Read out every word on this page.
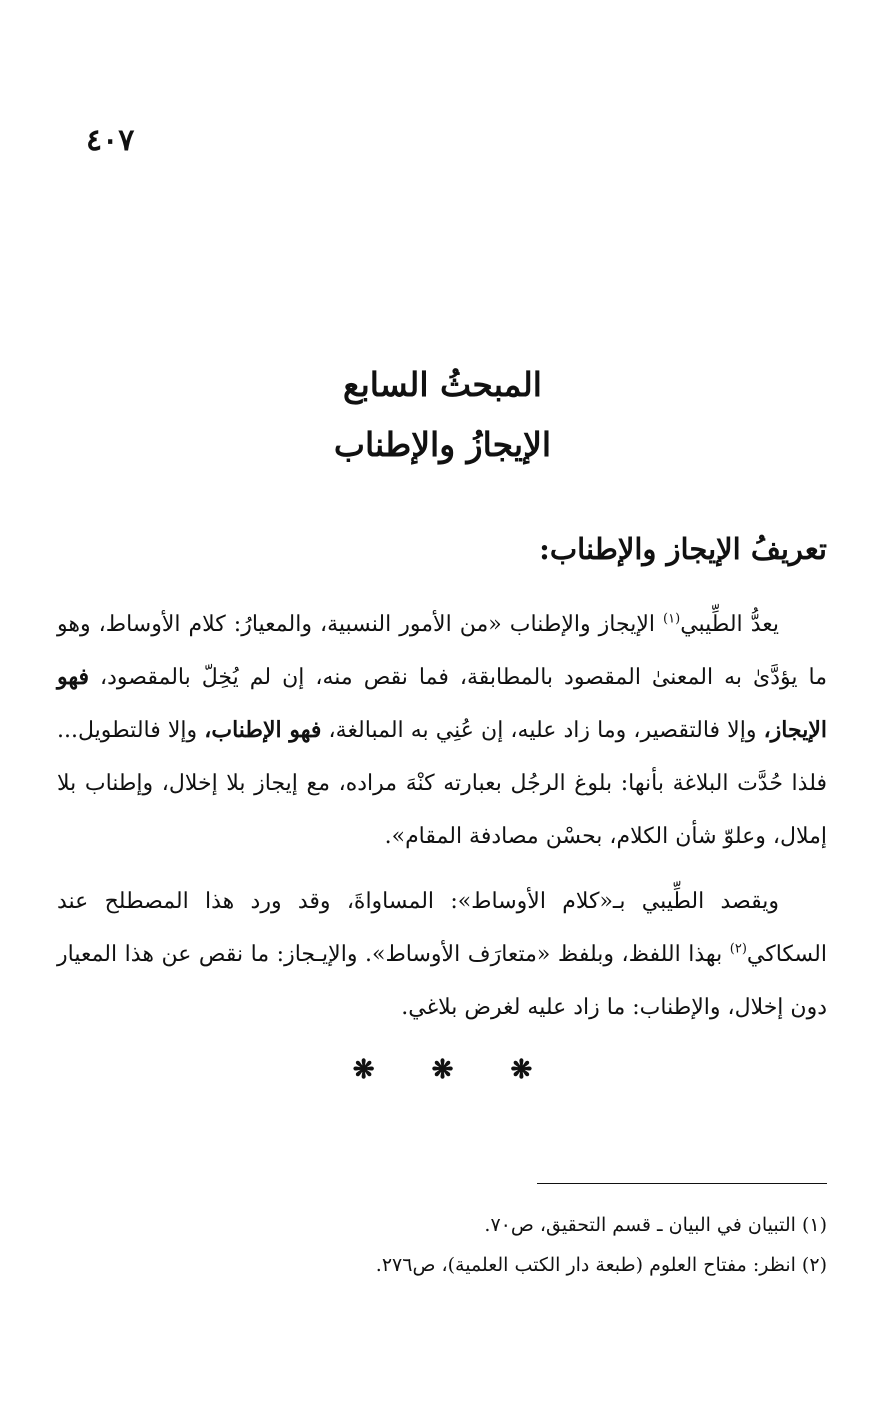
٤٠٧
المبحثُ السابع
الإيجازُ والإطناب
تعريفُ الإيجاز والإطناب:

يعدُّ الطِّيبي$^{(١)}$ الإيجاز والإطناب «من الأمور النسبية، والمعيارُ: كلام الأوساط، وهو ما يؤدَّىٰ به المعنىٰ المقصود بالمطابقة، فما نقص منه، إن لم يُخِلّ بالمقصود، فهو الإيجاز، وإلا فالتقصير، وما زاد عليه، إن عُنِي به المبالغة، فهو الإطناب، وإلا فالتطويل... فلذا حُدَّت البلاغة بأنها: بلوغ الرجُل بعبارته كنْهَ مراده، مع إيجاز بلا إخلال، وإطناب بلا إملال، وعلوّ شأن الكلام، بحسْن مصادفة المقام».

ويقصد الطِّيبي بـ«كلام الأوساط»: المساواةَ، وقد ورد هذا المصطلح عند السكاكي$^{(٢)}$ بهذا اللفظ، وبلفظ «متعارَف الأوساط». والإيـجاز: ما نقص عن هذا المعيار دون إخلال، والإطناب: ما زاد عليه لغرض بلاغي.

❋ ❋ ❋
(١) التبيان في البيان ـ قسم التحقيق، ص٧٠.
(٢) انظر: مفتاح العلوم (طبعة دار الكتب العلمية)، ص٢٧٦.
